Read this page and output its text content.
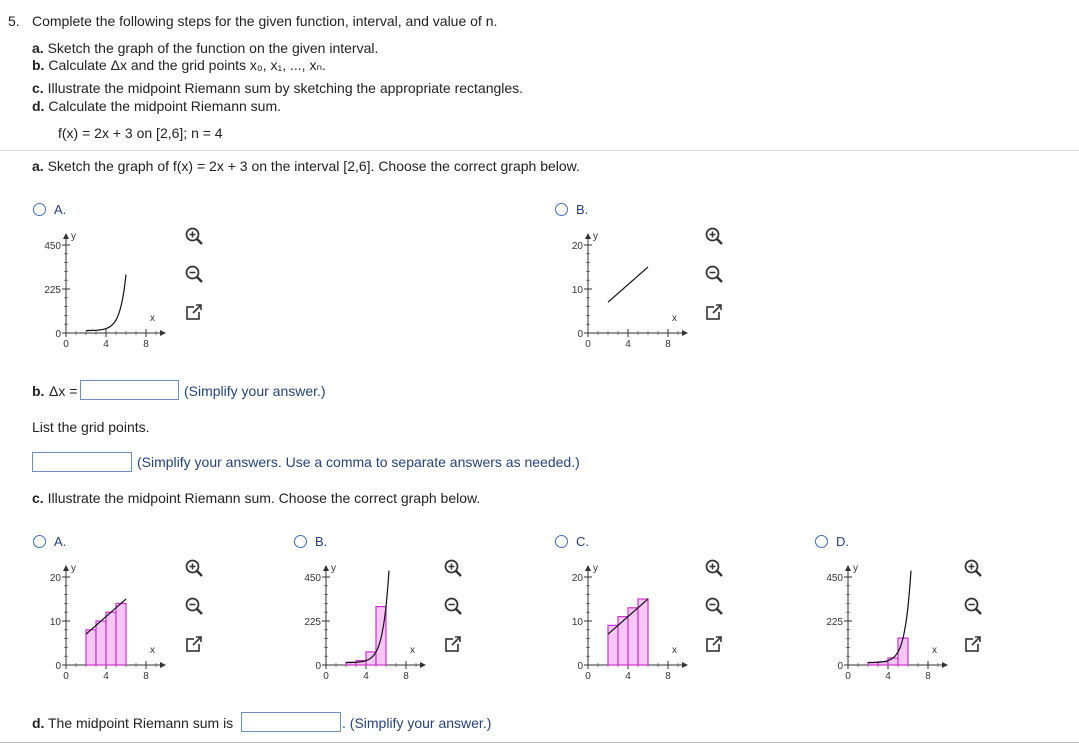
5. Complete the following steps for the given function, interval, and value of n.
a. Sketch the graph of the function on the given interval.
b. Calculate Δx and the grid points x₀, x₁, ..., xₙ.
c. Illustrate the midpoint Riemann sum by sketching the appropriate rectangles.
d. Calculate the midpoint Riemann sum.
f(x) = 2x + 3 on [2,6]; n = 4
a. Sketch the graph of f(x) = 2x + 3 on the interval [2,6]. Choose the correct graph below.
A.
450
225
0
0	4	8
y
x
B.
20
10
0
0	4	8
y
x
b. Δx =	(Simplify your answer.)
List the grid points.
(Simplify your answers. Use a comma to separate answers as needed.)
c. Illustrate the midpoint Riemann sum. Choose the correct graph below.
A.
20
10
0
0	4	8
y
x
B.
450
225
0
0	4	8
y
x
C.
20
10
0
0	4	8
y
x
D.
450
225
0
0	4	8
y
x
d. The midpoint Riemann sum is	. (Simplify your answer.)
